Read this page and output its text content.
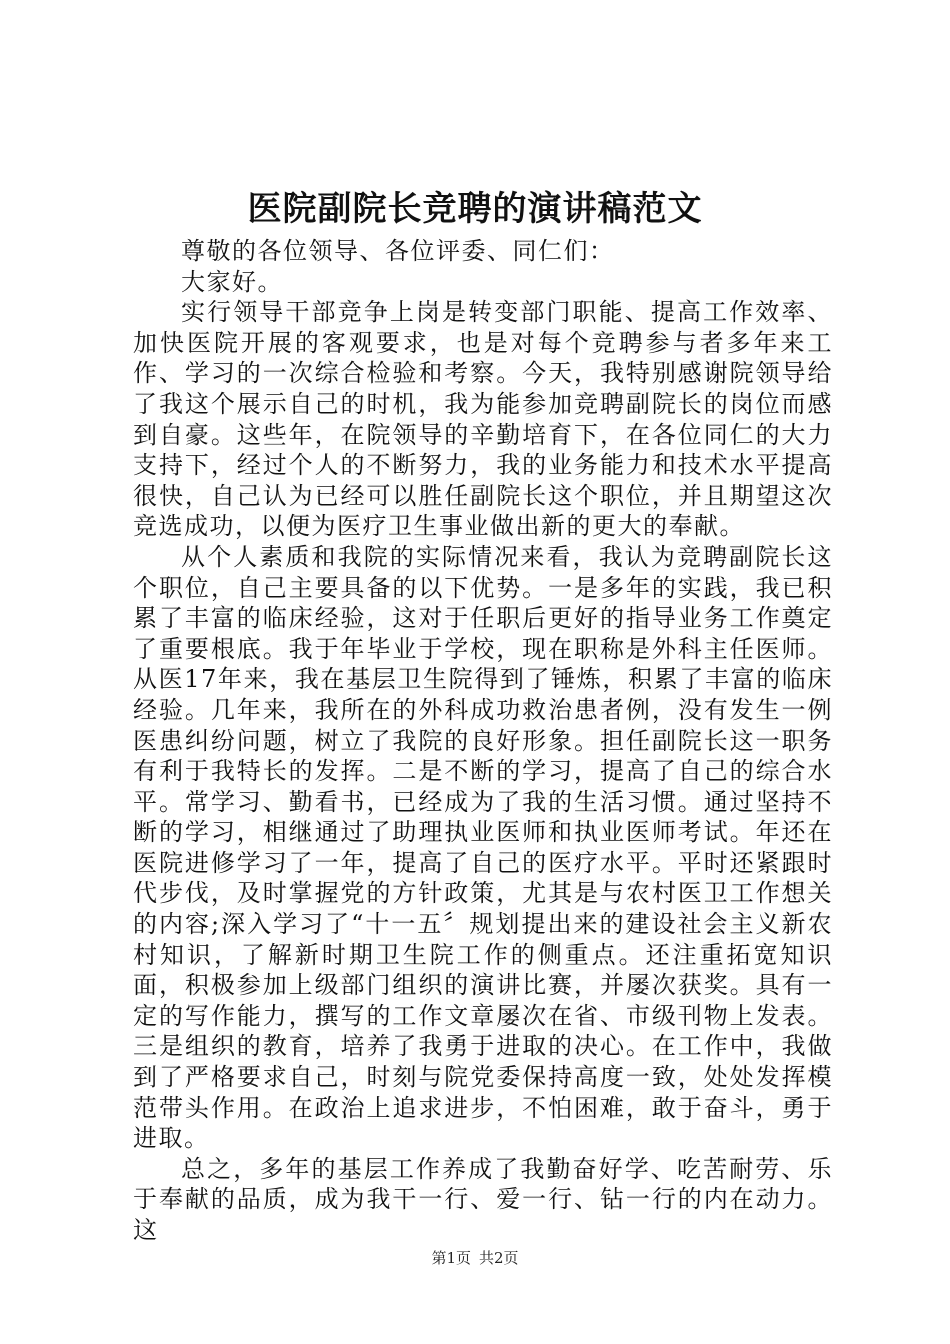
医院副院长竞聘的演讲稿范文

尊敬的各位领导、各位评委、同仁们：

大家好。

实行领导干部竞争上岗是转变部门职能、提高工作效率、加快医院开展的客观要求，也是对每个竞聘参与者多年来工作、学习的一次综合检验和考察。今天，我特别感谢院领导给了我这个展示自己的时机，我为能参加竞聘副院长的岗位而感到自豪。这些年，在院领导的辛勤培育下，在各位同仁的大力支持下，经过个人的不断努力，我的业务能力和技术水平提高很快，自己认为已经可以胜任副院长这个职位，并且期望这次竞选成功，以便为医疗卫生事业做出新的更大的奉献。

从个人素质和我院的实际情况来看，我认为竞聘副院长这个职位，自己主要具备的以下优势。一是多年的实践，我已积累了丰富的临床经验，这对于任职后更好的指导业务工作奠定了重要根底。我于年毕业于学校，现在职称是外科主任医师。从医17年来，我在基层卫生院得到了锤炼，积累了丰富的临床经验。几年来，我所在的外科成功救治患者例，没有发生一例医患纠纷问题，树立了我院的良好形象。担任副院长这一职务有利于我特长的发挥。二是不断的学习，提高了自己的综合水平。常学习、勤看书，已经成为了我的生活习惯。通过坚持不断的学习，相继通过了助理执业医师和执业医师考试。年还在医院进修学习了一年，提高了自己的医疗水平。平时还紧跟时代步伐，及时掌握党的方针政策，尤其是与农村医卫工作想关的内容;深入学习了“十一五〞规划提出来的建设社会主义新农村知识，了解新时期卫生院工作的侧重点。还注重拓宽知识面，积极参加上级部门组织的演讲比赛，并屡次获奖。具有一定的写作能力，撰写的工作文章屡次在省、市级刊物上发表。三是组织的教育，培养了我勇于进取的决心。在工作中，我做到了严格要求自己，时刻与院党委保持高度一致，处处发挥模范带头作用。在政治上追求进步，不怕困难，敢于奋斗，勇于进取。

总之，多年的基层工作养成了我勤奋好学、吃苦耐劳、乐于奉献的品质，成为我干一行、爱一行、钻一行的内在动力。这

第1页 共2页
